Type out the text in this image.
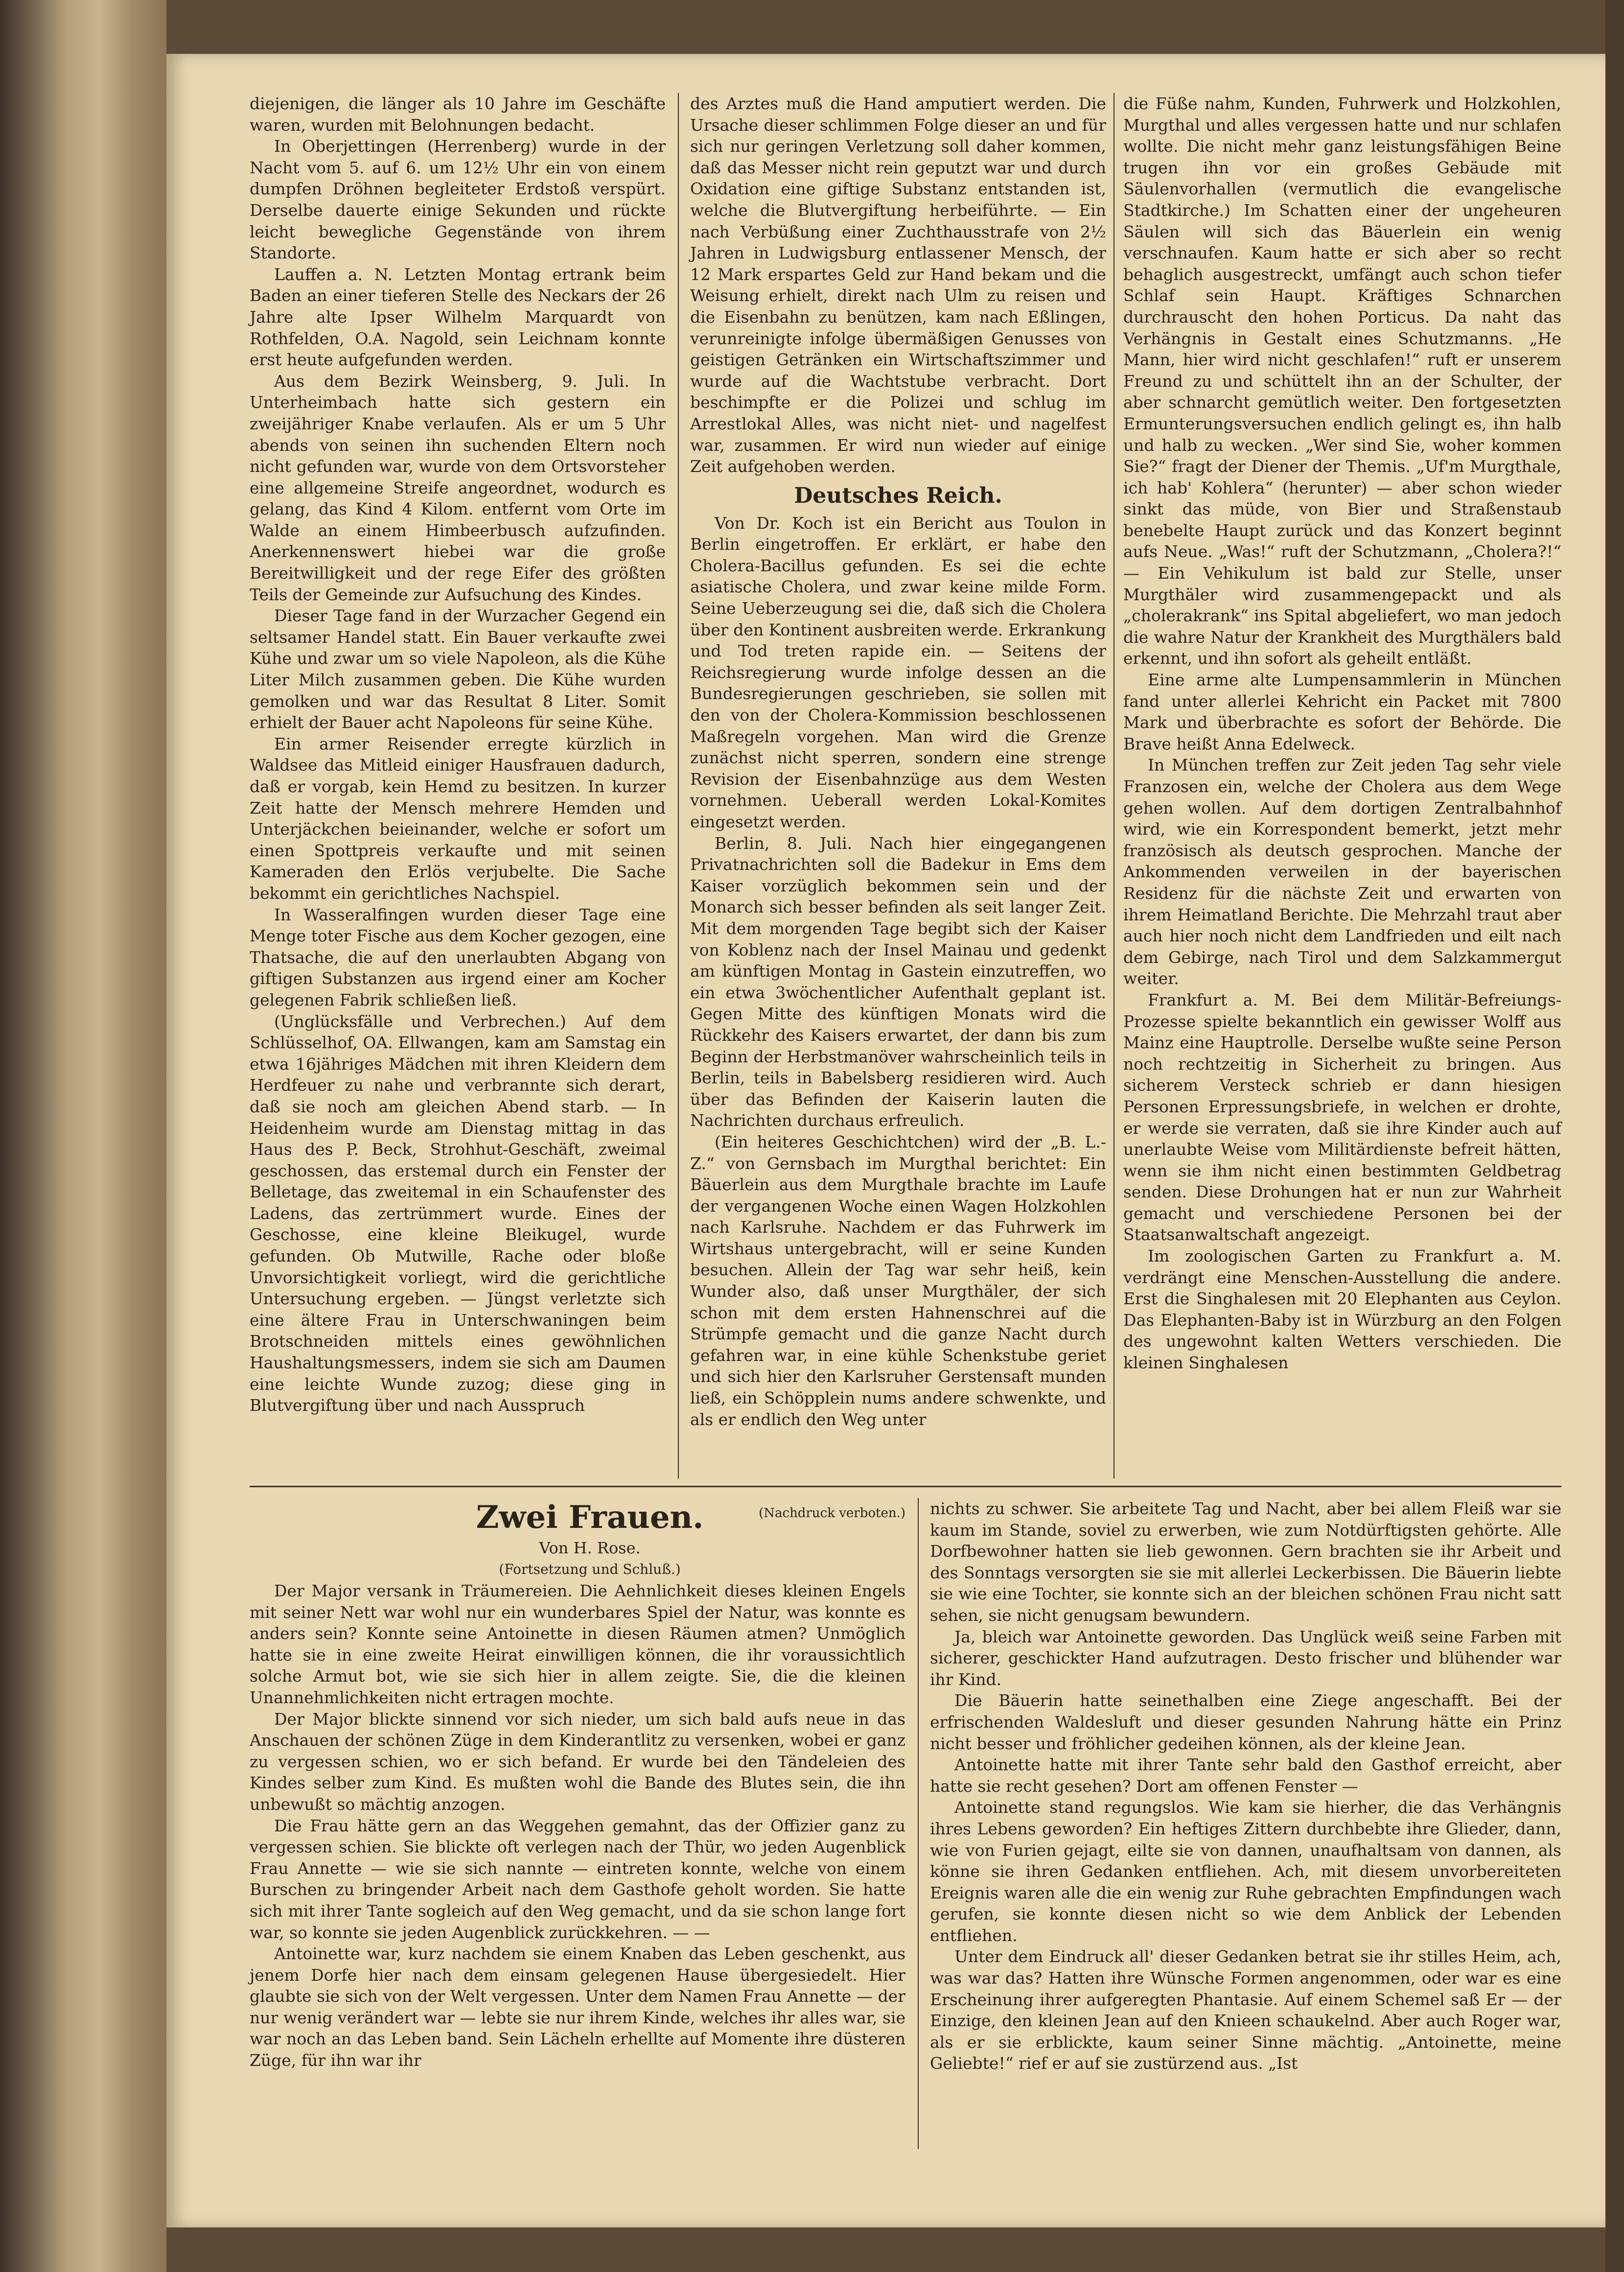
diejenigen, die länger als 10 Jahre im Geschäfte waren, wurden mit Belohnungen bedacht.

In Oberjettingen (Herrenberg) wurde in der Nacht vom 5. auf 6. um 12½ Uhr ein von einem dumpfen Dröhnen begleiteter Erdstoß verspürt. Derselbe dauerte einige Sekunden und rückte leicht bewegliche Gegenstände von ihrem Standorte.

Lauffen a. N. Letzten Montag ertrank beim Baden an einer tieferen Stelle des Neckars der 26 Jahre alte Ipser Wilhelm Marquardt von Rothfelden, O.A. Nagold, sein Leichnam konnte erst heute aufgefunden werden.

Aus dem Bezirk Weinsberg, 9. Juli. In Unterheimbach hatte sich gestern ein zweijähriger Knabe verlaufen. Als er um 5 Uhr abends von seinen ihn suchenden Eltern noch nicht gefunden war, wurde von dem Ortsvorsteher eine allgemeine Streife angeordnet, wodurch es gelang, das Kind 4 Kilom. entfernt vom Orte im Walde an einem Himbeerbusch aufzufinden. Anerkennenswert hiebei war die große Bereitwilligkeit und der rege Eifer des größten Teils der Gemeinde zur Aufsuchung des Kindes.

Dieser Tage fand in der Wurzacher Gegend ein seltsamer Handel statt. Ein Bauer verkaufte zwei Kühe und zwar um so viele Napoleon, als die Kühe Liter Milch zusammen geben. Die Kühe wurden gemolken und war das Resultat 8 Liter. Somit erhielt der Bauer acht Napoleons für seine Kühe.

Ein armer Reisender erregte kürzlich in Waldsee das Mitleid einiger Hausfrauen dadurch, daß er vorgab, kein Hemd zu besitzen. In kurzer Zeit hatte der Mensch mehrere Hemden und Unterjäckchen beieinander, welche er sofort um einen Spottpreis verkaufte und mit seinen Kameraden den Erlös verjubelte. Die Sache bekommt ein gerichtliches Nachspiel.

In Wasseralfingen wurden dieser Tage eine Menge toter Fische aus dem Kocher gezogen, eine Thatsache, die auf den unerlaubten Abgang von giftigen Substanzen aus irgend einer am Kocher gelegenen Fabrik schließen ließ.

(Unglücksfälle und Verbrechen.) Auf dem Schlüsselhof, OA. Ellwangen, kam am Samstag ein etwa 16jähriges Mädchen mit ihren Kleidern dem Herdfeuer zu nahe und verbrannte sich derart, daß sie noch am gleichen Abend starb. — In Heidenheim wurde am Dienstag mittag in das Haus des P. Beck, Strohhut-Geschäft, zweimal geschossen, das erstemal durch ein Fenster der Belletage, das zweitemal in ein Schaufenster des Ladens, das zertrümmert wurde. Eines der Geschosse, eine kleine Bleikugel, wurde gefunden. Ob Mutwille, Rache oder bloße Unvorsichtigkeit vorliegt, wird die gerichtliche Untersuchung ergeben. — Jüngst verletzte sich eine ältere Frau in Unterschwaningen beim Brotschneiden mittels eines gewöhnlichen Haushaltungsmessers, indem sie sich am Daumen eine leichte Wunde zuzog; diese ging in Blutvergiftung über und nach Ausspruch

des Arztes muß die Hand amputiert werden. Die Ursache dieser schlimmen Folge dieser an und für sich nur geringen Verletzung soll daher kommen, daß das Messer nicht rein geputzt war und durch Oxidation eine giftige Substanz entstanden ist, welche die Blutvergiftung herbeiführte. — Ein nach Verbüßung einer Zuchthausstrafe von 2½ Jahren in Ludwigsburg entlassener Mensch, der 12 Mark erspartes Geld zur Hand bekam und die Weisung erhielt, direkt nach Ulm zu reisen und die Eisenbahn zu benützen, kam nach Eßlingen, verunreinigte infolge übermäßigen Genusses von geistigen Getränken ein Wirtschaftszimmer und wurde auf die Wachtstube verbracht. Dort beschimpfte er die Polizei und schlug im Arrestlokal Alles, was nicht niet- und nagelfest war, zusammen. Er wird nun wieder auf einige Zeit aufgehoben werden.

Deutsches Reich.

Von Dr. Koch ist ein Bericht aus Toulon in Berlin eingetroffen. Er erklärt, er habe den Cholera-Bacillus gefunden. Es sei die echte asiatische Cholera, und zwar keine milde Form. Seine Ueberzeugung sei die, daß sich die Cholera über den Kontinent ausbreiten werde. Erkrankung und Tod treten rapide ein. — Seitens der Reichsregierung wurde infolge dessen an die Bundesregierungen geschrieben, sie sollen mit den von der Cholera-Kommission beschlossenen Maßregeln vorgehen. Man wird die Grenze zunächst nicht sperren, sondern eine strenge Revision der Eisenbahnzüge aus dem Westen vornehmen. Ueberall werden Lokal-Komites eingesetzt werden.

Berlin, 8. Juli. Nach hier eingegangenen Privatnachrichten soll die Badekur in Ems dem Kaiser vorzüglich bekommen sein und der Monarch sich besser befinden als seit langer Zeit. Mit dem morgenden Tage begibt sich der Kaiser von Koblenz nach der Insel Mainau und gedenkt am künftigen Montag in Gastein einzutreffen, wo ein etwa 3wöchentlicher Aufenthalt geplant ist. Gegen Mitte des künftigen Monats wird die Rückkehr des Kaisers erwartet, der dann bis zum Beginn der Herbstmanöver wahrscheinlich teils in Berlin, teils in Babelsberg residieren wird. Auch über das Befinden der Kaiserin lauten die Nachrichten durchaus erfreulich.

(Ein heiteres Geschichtchen) wird der „B. L.-Z.“ von Gernsbach im Murgthal berichtet: Ein Bäuerlein aus dem Murgthale brachte im Laufe der vergangenen Woche einen Wagen Holzkohlen nach Karlsruhe. Nachdem er das Fuhrwerk im Wirtshaus untergebracht, will er seine Kunden besuchen. Allein der Tag war sehr heiß, kein Wunder also, daß unser Murgthäler, der sich schon mit dem ersten Hahnenschrei auf die Strümpfe gemacht und die ganze Nacht durch gefahren war, in eine kühle Schenkstube geriet und sich hier den Karlsruher Gerstensaft munden ließ, ein Schöpplein nums andere schwenkte, und als er endlich den Weg unter

die Füße nahm, Kunden, Fuhrwerk und Holzkohlen, Murgthal und alles vergessen hatte und nur schlafen wollte. Die nicht mehr ganz leistungsfähigen Beine trugen ihn vor ein großes Gebäude mit Säulenvorhallen (vermutlich die evangelische Stadtkirche.) Im Schatten einer der ungeheuren Säulen will sich das Bäuerlein ein wenig verschnaufen. Kaum hatte er sich aber so recht behaglich ausgestreckt, umfängt auch schon tiefer Schlaf sein Haupt. Kräftiges Schnarchen durchrauscht den hohen Porticus. Da naht das Verhängnis in Gestalt eines Schutzmanns. „He Mann, hier wird nicht geschlafen!“ ruft er unserem Freund zu und schüttelt ihn an der Schulter, der aber schnarcht gemütlich weiter. Den fortgesetzten Ermunterungsversuchen endlich gelingt es, ihn halb und halb zu wecken. „Wer sind Sie, woher kommen Sie?“ fragt der Diener der Themis. „Uf'm Murgthale, ich hab' Kohlera“ (herunter) — aber schon wieder sinkt das müde, von Bier und Straßenstaub benebelte Haupt zurück und das Konzert beginnt aufs Neue. „Was!“ ruft der Schutzmann, „Cholera?!“ — Ein Vehikulum ist bald zur Stelle, unser Murgthäler wird zusammengepackt und als „cholerakrank“ ins Spital abgeliefert, wo man jedoch die wahre Natur der Krankheit des Murgthälers bald erkennt, und ihn sofort als geheilt entläßt.

Eine arme alte Lumpensammlerin in München fand unter allerlei Kehricht ein Packet mit 7800 Mark und überbrachte es sofort der Behörde. Die Brave heißt Anna Edelweck.

In München treffen zur Zeit jeden Tag sehr viele Franzosen ein, welche der Cholera aus dem Wege gehen wollen. Auf dem dortigen Zentralbahnhof wird, wie ein Korrespondent bemerkt, jetzt mehr französisch als deutsch gesprochen. Manche der Ankommenden verweilen in der bayerischen Residenz für die nächste Zeit und erwarten von ihrem Heimatland Berichte. Die Mehrzahl traut aber auch hier noch nicht dem Landfrieden und eilt nach dem Gebirge, nach Tirol und dem Salzkammergut weiter.

Frankfurt a. M. Bei dem Militär-Befreiungs-Prozesse spielte bekanntlich ein gewisser Wolff aus Mainz eine Hauptrolle. Derselbe wußte seine Person noch rechtzeitig in Sicherheit zu bringen. Aus sicherem Versteck schrieb er dann hiesigen Personen Erpressungsbriefe, in welchen er drohte, er werde sie verraten, daß sie ihre Kinder auch auf unerlaubte Weise vom Militärdienste befreit hätten, wenn sie ihm nicht einen bestimmten Geldbetrag senden. Diese Drohungen hat er nun zur Wahrheit gemacht und verschiedene Personen bei der Staatsanwaltschaft angezeigt.

Im zoologischen Garten zu Frankfurt a. M. verdrängt eine Menschen-Ausstellung die andere. Erst die Singhalesen mit 20 Elephanten aus Ceylon. Das Elephanten-Baby ist in Würzburg an den Folgen des ungewohnt kalten Wetters verschieden. Die kleinen Singhalesen

Zwei Frauen.	(Nachdruck verboten.)

Von H. Rose.

(Fortsetzung und Schluß.)

Der Major versank in Träumereien. Die Aehnlichkeit dieses kleinen Engels mit seiner Nett war wohl nur ein wunderbares Spiel der Natur, was konnte es anders sein? Konnte seine Antoinette in diesen Räumen atmen? Unmöglich hatte sie in eine zweite Heirat einwilligen können, die ihr voraussichtlich solche Armut bot, wie sie sich hier in allem zeigte. Sie, die die kleinen Unannehmlichkeiten nicht ertragen mochte.

Der Major blickte sinnend vor sich nieder, um sich bald aufs neue in das Anschauen der schönen Züge in dem Kinderantlitz zu versenken, wobei er ganz zu vergessen schien, wo er sich befand. Er wurde bei den Tändeleien des Kindes selber zum Kind. Es mußten wohl die Bande des Blutes sein, die ihn unbewußt so mächtig anzogen.

Die Frau hätte gern an das Weggehen gemahnt, das der Offizier ganz zu vergessen schien. Sie blickte oft verlegen nach der Thür, wo jeden Augenblick Frau Annette — wie sie sich nannte — eintreten konnte, welche von einem Burschen zu bringender Arbeit nach dem Gasthofe geholt worden. Sie hatte sich mit ihrer Tante sogleich auf den Weg gemacht, und da sie schon lange fort war, so konnte sie jeden Augenblick zurückkehren. — —

Antoinette war, kurz nachdem sie einem Knaben das Leben geschenkt, aus jenem Dorfe hier nach dem einsam gelegenen Hause übergesiedelt. Hier glaubte sie sich von der Welt vergessen. Unter dem Namen Frau Annette — der nur wenig verändert war — lebte sie nur ihrem Kinde, welches ihr alles war, sie war noch an das Leben band. Sein Lächeln erhellte auf Momente ihre düsteren Züge, für ihn war ihr

nichts zu schwer. Sie arbeitete Tag und Nacht, aber bei allem Fleiß war sie kaum im Stande, soviel zu erwerben, wie zum Notdürftigsten gehörte. Alle Dorfbewohner hatten sie lieb gewonnen. Gern brachten sie ihr Arbeit und des Sonntags versorgten sie sie mit allerlei Leckerbissen. Die Bäuerin liebte sie wie eine Tochter, sie konnte sich an der bleichen schönen Frau nicht satt sehen, sie nicht genugsam bewundern.

Ja, bleich war Antoinette geworden. Das Unglück weiß seine Farben mit sicherer, geschickter Hand aufzutragen. Desto frischer und blühender war ihr Kind.

Die Bäuerin hatte seinethalben eine Ziege angeschafft. Bei der erfrischenden Waldesluft und dieser gesunden Nahrung hätte ein Prinz nicht besser und fröhlicher gedeihen können, als der kleine Jean.

Antoinette hatte mit ihrer Tante sehr bald den Gasthof erreicht, aber hatte sie recht gesehen? Dort am offenen Fenster —

Antoinette stand regungslos. Wie kam sie hierher, die das Verhängnis ihres Lebens geworden? Ein heftiges Zittern durchbebte ihre Glieder, dann, wie von Furien gejagt, eilte sie von dannen, unaufhaltsam von dannen, als könne sie ihren Gedanken entfliehen. Ach, mit diesem unvorbereiteten Ereignis waren alle die ein wenig zur Ruhe gebrachten Empfindungen wach gerufen, sie konnte diesen nicht so wie dem Anblick der Lebenden entfliehen.

Unter dem Eindruck all' dieser Gedanken betrat sie ihr stilles Heim, ach, was war das? Hatten ihre Wünsche Formen angenommen, oder war es eine Erscheinung ihrer aufgeregten Phantasie. Auf einem Schemel saß Er — der Einzige, den kleinen Jean auf den Knieen schaukelnd. Aber auch Roger war, als er sie erblickte, kaum seiner Sinne mächtig. „Antoinette, meine Geliebte!“ rief er auf sie zustürzend aus. „Ist
